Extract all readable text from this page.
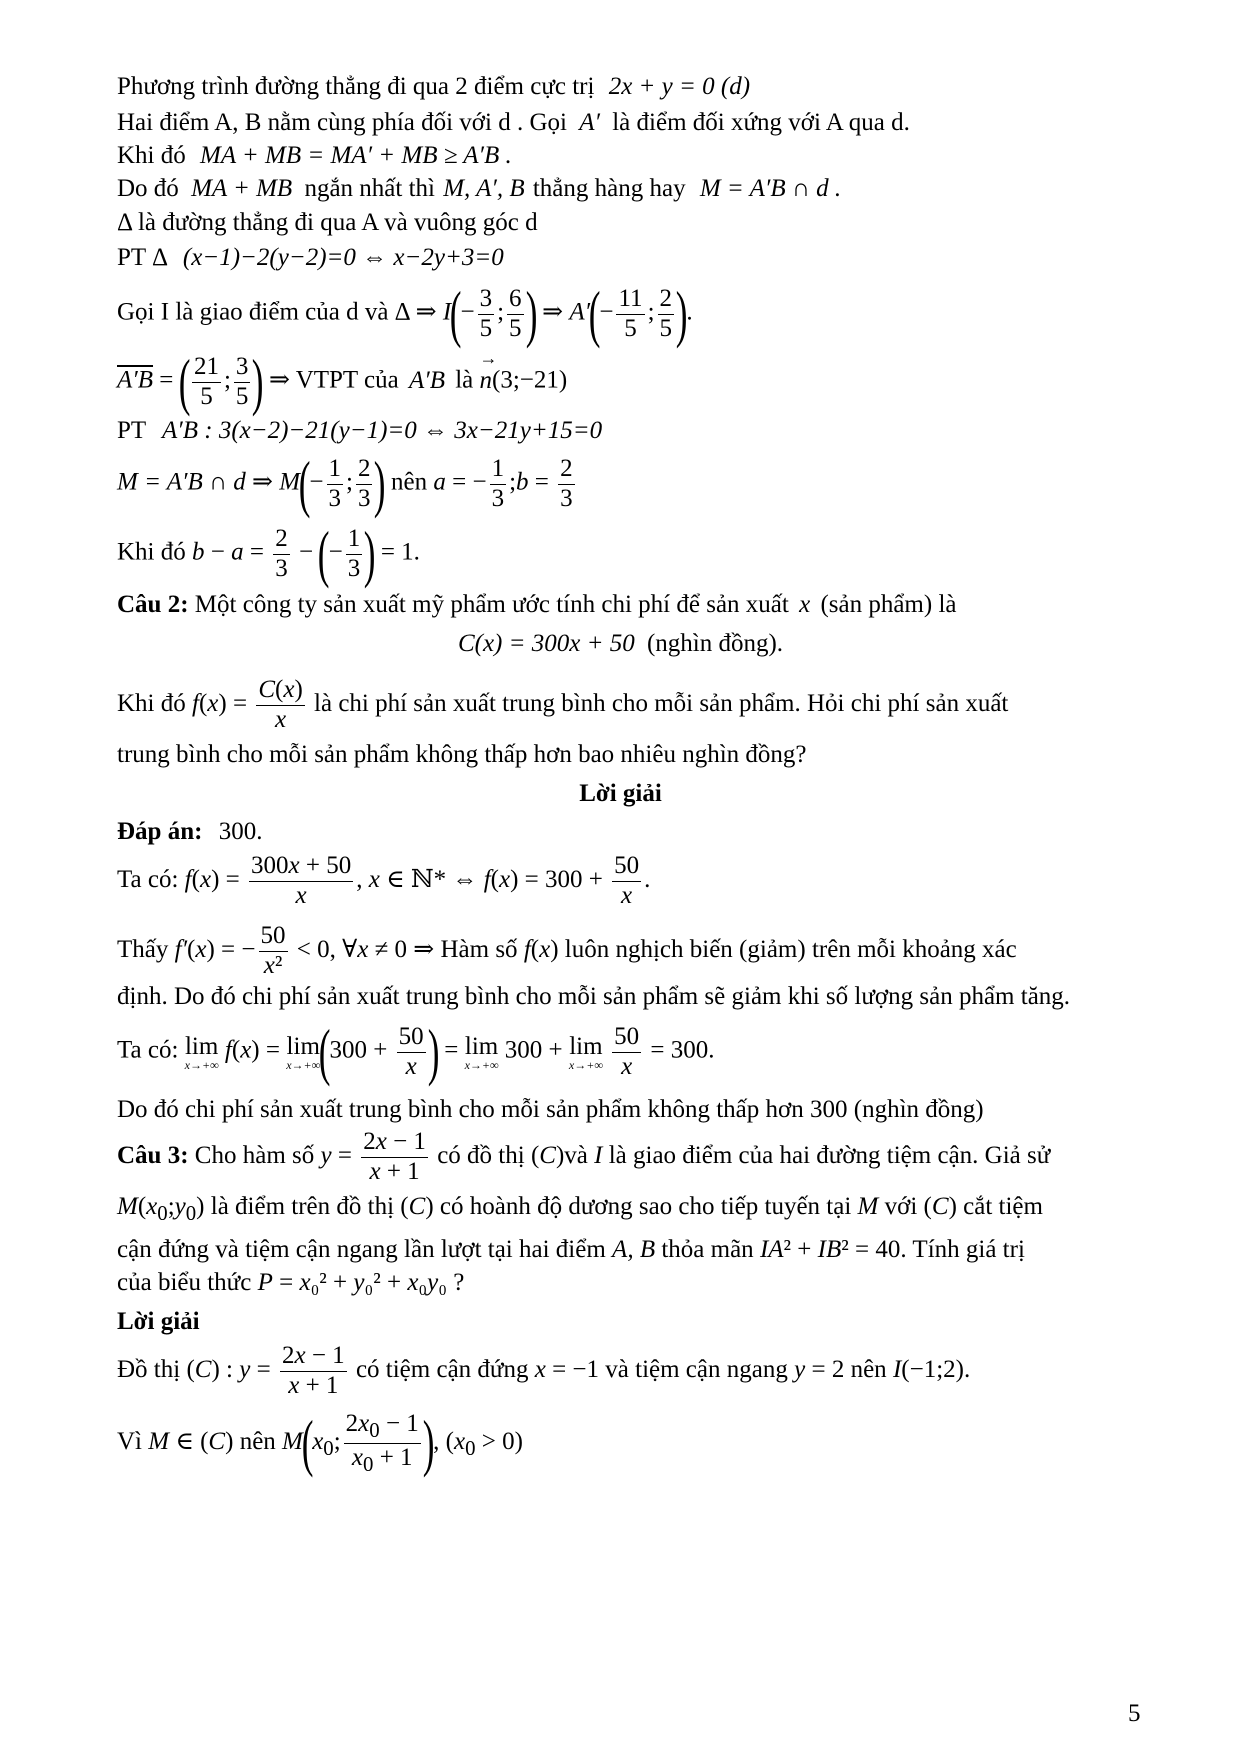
Phương trình đường thẳng đi qua 2 điểm cực trị 2x + y = 0 (d)
Hai điểm A, B nằm cùng phía đối với d . Gọi A′ là điểm đối xứng với A qua d.
Khi đó MA + MB = MA′ + MB ≥ A′B .
Do đó MA + MB ngắn nhất thì M, A′, B thẳng hàng hay M = A′B ∩ d .
Δ là đường thẳng đi qua A và vuông góc d
PT Δ (x−1)−2(y−2)=0 ⇔ x−2y+3=0
Gọi I là giao điểm của d và Δ ⇒ $I(- \frac{3}{5}$ ; $\frac{6}{5}$ ) ⇒ $A'(- \frac{11}{5}$ ; $\frac{2}{5}$ ).
A′B = ( $\frac{21}{5}$ ; $\frac{3}{5}$ ) ⇒ VTPT của A′B là → n(3;−21)
PT A′B : 3(x−2)−21(y−1)=0 ⇔ 3x−21y+15=0
M = A′B ∩ d ⇒ $M(- \frac{1}{3}$ ; $\frac{2}{3}$ ) nên a = − $\frac{1}{3}$ ;b = $\frac{2}{3}$
Khi đó $b - a = \frac{2}{3}$ − (− $\frac{1}{3}$ ) = 1.
Câu 2: Một công ty sản xuất mỹ phẩm ước tính chi phí để sản xuất x (sản phẩm) là
C(x) = 300x + 50 (nghìn đồng).
Khi đó $f(x) = \frac{C(x)}{x}$ là chi phí sản xuất trung bình cho mỗi sản phẩm. Hỏi chi phí sản xuất
trung bình cho mỗi sản phẩm không thấp hơn bao nhiêu nghìn đồng?
Lời giải
Đáp án: 300.
Ta có: $f(x) = \frac{300x + 50}{x}$ , x ∈ ℕ* ⇔ $f(x) = 300 + \frac{50}{x}$ .
Thấy f′(x) = − $\frac{50}{\text{x²}} < 0$, ∀x ≠ 0 ⇒ Hàm số f(x) luôn nghịch biến (giảm) trên mỗi khoảng xác
định. Do đó chi phí sản xuất trung bình cho mỗi sản phẩm sẽ giảm khi số lượng sản phẩm tăng.
Ta có: lim
x→+∞
f(x) = lim
x→+∞
($300 + \frac{50}{x}$ ) = lim
x→+∞
300 + lim
x→+∞
$\frac{50}{x} = 300$.
Do đó chi phí sản xuất trung bình cho mỗi sản phẩm không thấp hơn 300 (nghìn đồng)
Câu 3: Cho hàm số $y = \frac{2x - 1}{x + 1}$ có đồ thị (C)và I là giao điểm của hai đường tiệm cận. Giả sử
$M(x_0;y_0)$ là điểm trên đồ thị (C) có hoành độ dương sao cho tiếp tuyến tại M với (C) cắt tiệm
cận đứng và tiệm cận ngang lần lượt tại hai điểm A, B thỏa mãn IA² + IB² = 40. Tính giá trị
của biểu thức P = x₀² + y₀² + x₀y₀ ?
Lời giải
Đồ thị (C) : $y = \frac{2x - 1}{x + 1}$ có tiệm cận đứng x = −1 và tiệm cận ngang y = 2 nên I(−1;2).
Vì M ∈ (C) nên $M(x_0$; $\frac{2x_0 - 1}{x_0 + 1}$ ), $(x_0 > 0)$
5
